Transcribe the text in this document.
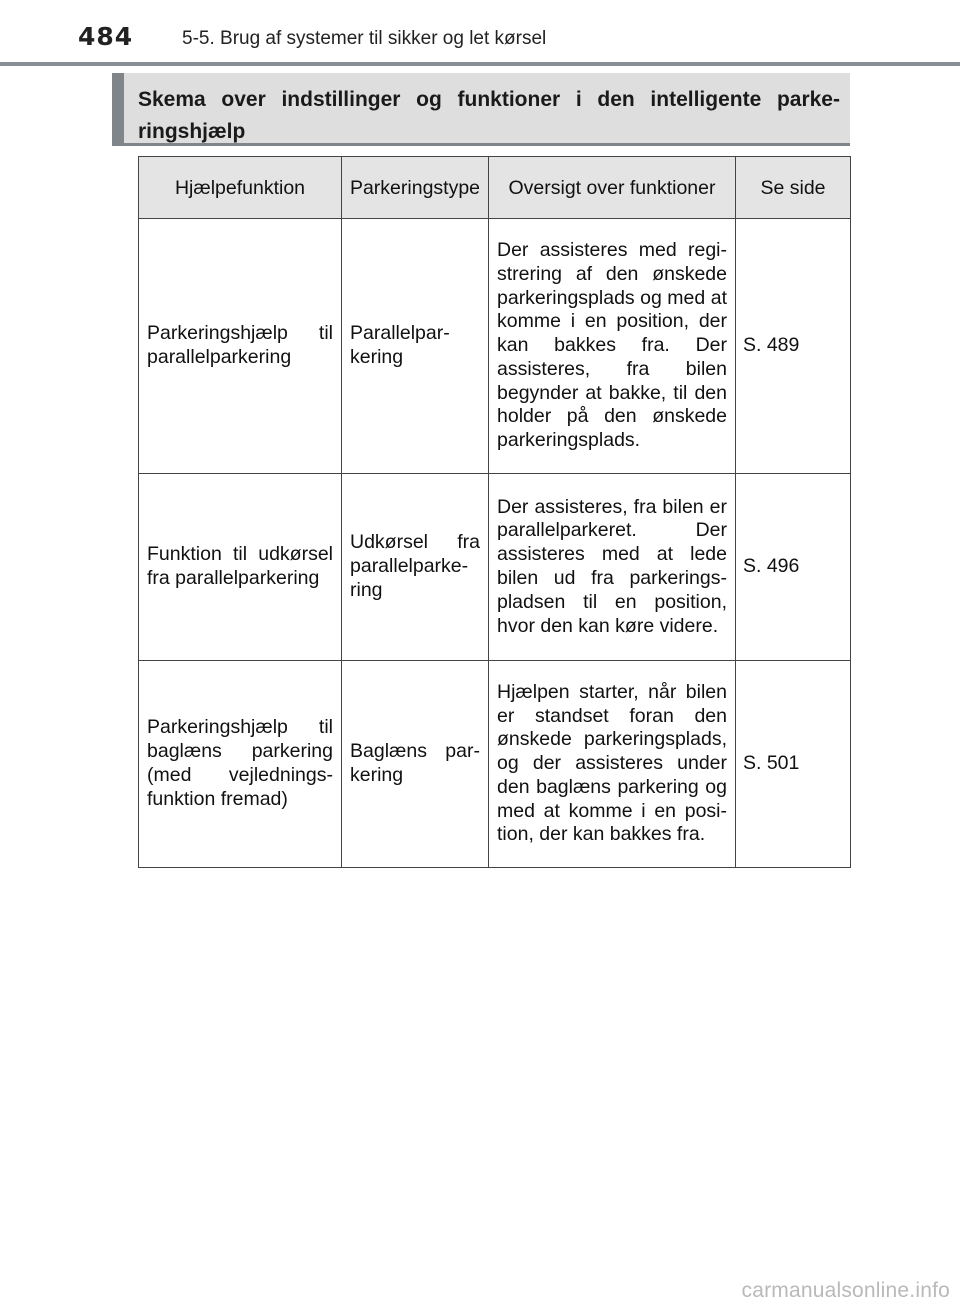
484	5-5. Brug af systemer til sikker og let kørsel
Skema over indstillinger og funktioner i den intelligente parkeringshjælp
Hjælpefunktion	Parkeringstype	Oversigt over funktioner	Se side
Parkeringshjælp til parallelparkering	Parallelparkering	Der assisteres med registrering af den ønskede parkeringsplads og med at komme i en position, der kan bakkes fra. Der assisteres, fra bilen begynder at bakke, til den holder på den ønskede parkeringsplads.	S. 489
Funktion til udkørsel fra parallelparkering	Udkørsel fra parallelparkering	Der assisteres, fra bilen er parallelparkeret. Der assisteres med at lede bilen ud fra parkeringspladsen til en position, hvor den kan køre videre.	S. 496
Parkeringshjælp til baglæns parkering (med vejledningsfunktion fremad)	Baglæns parkering	Hjælpen starter, når bilen er standset foran den ønskede parkeringsplads, og der assisteres under den baglæns parkering og med at komme i en position, der kan bakkes fra.	S. 501
carmanualsonline.info
